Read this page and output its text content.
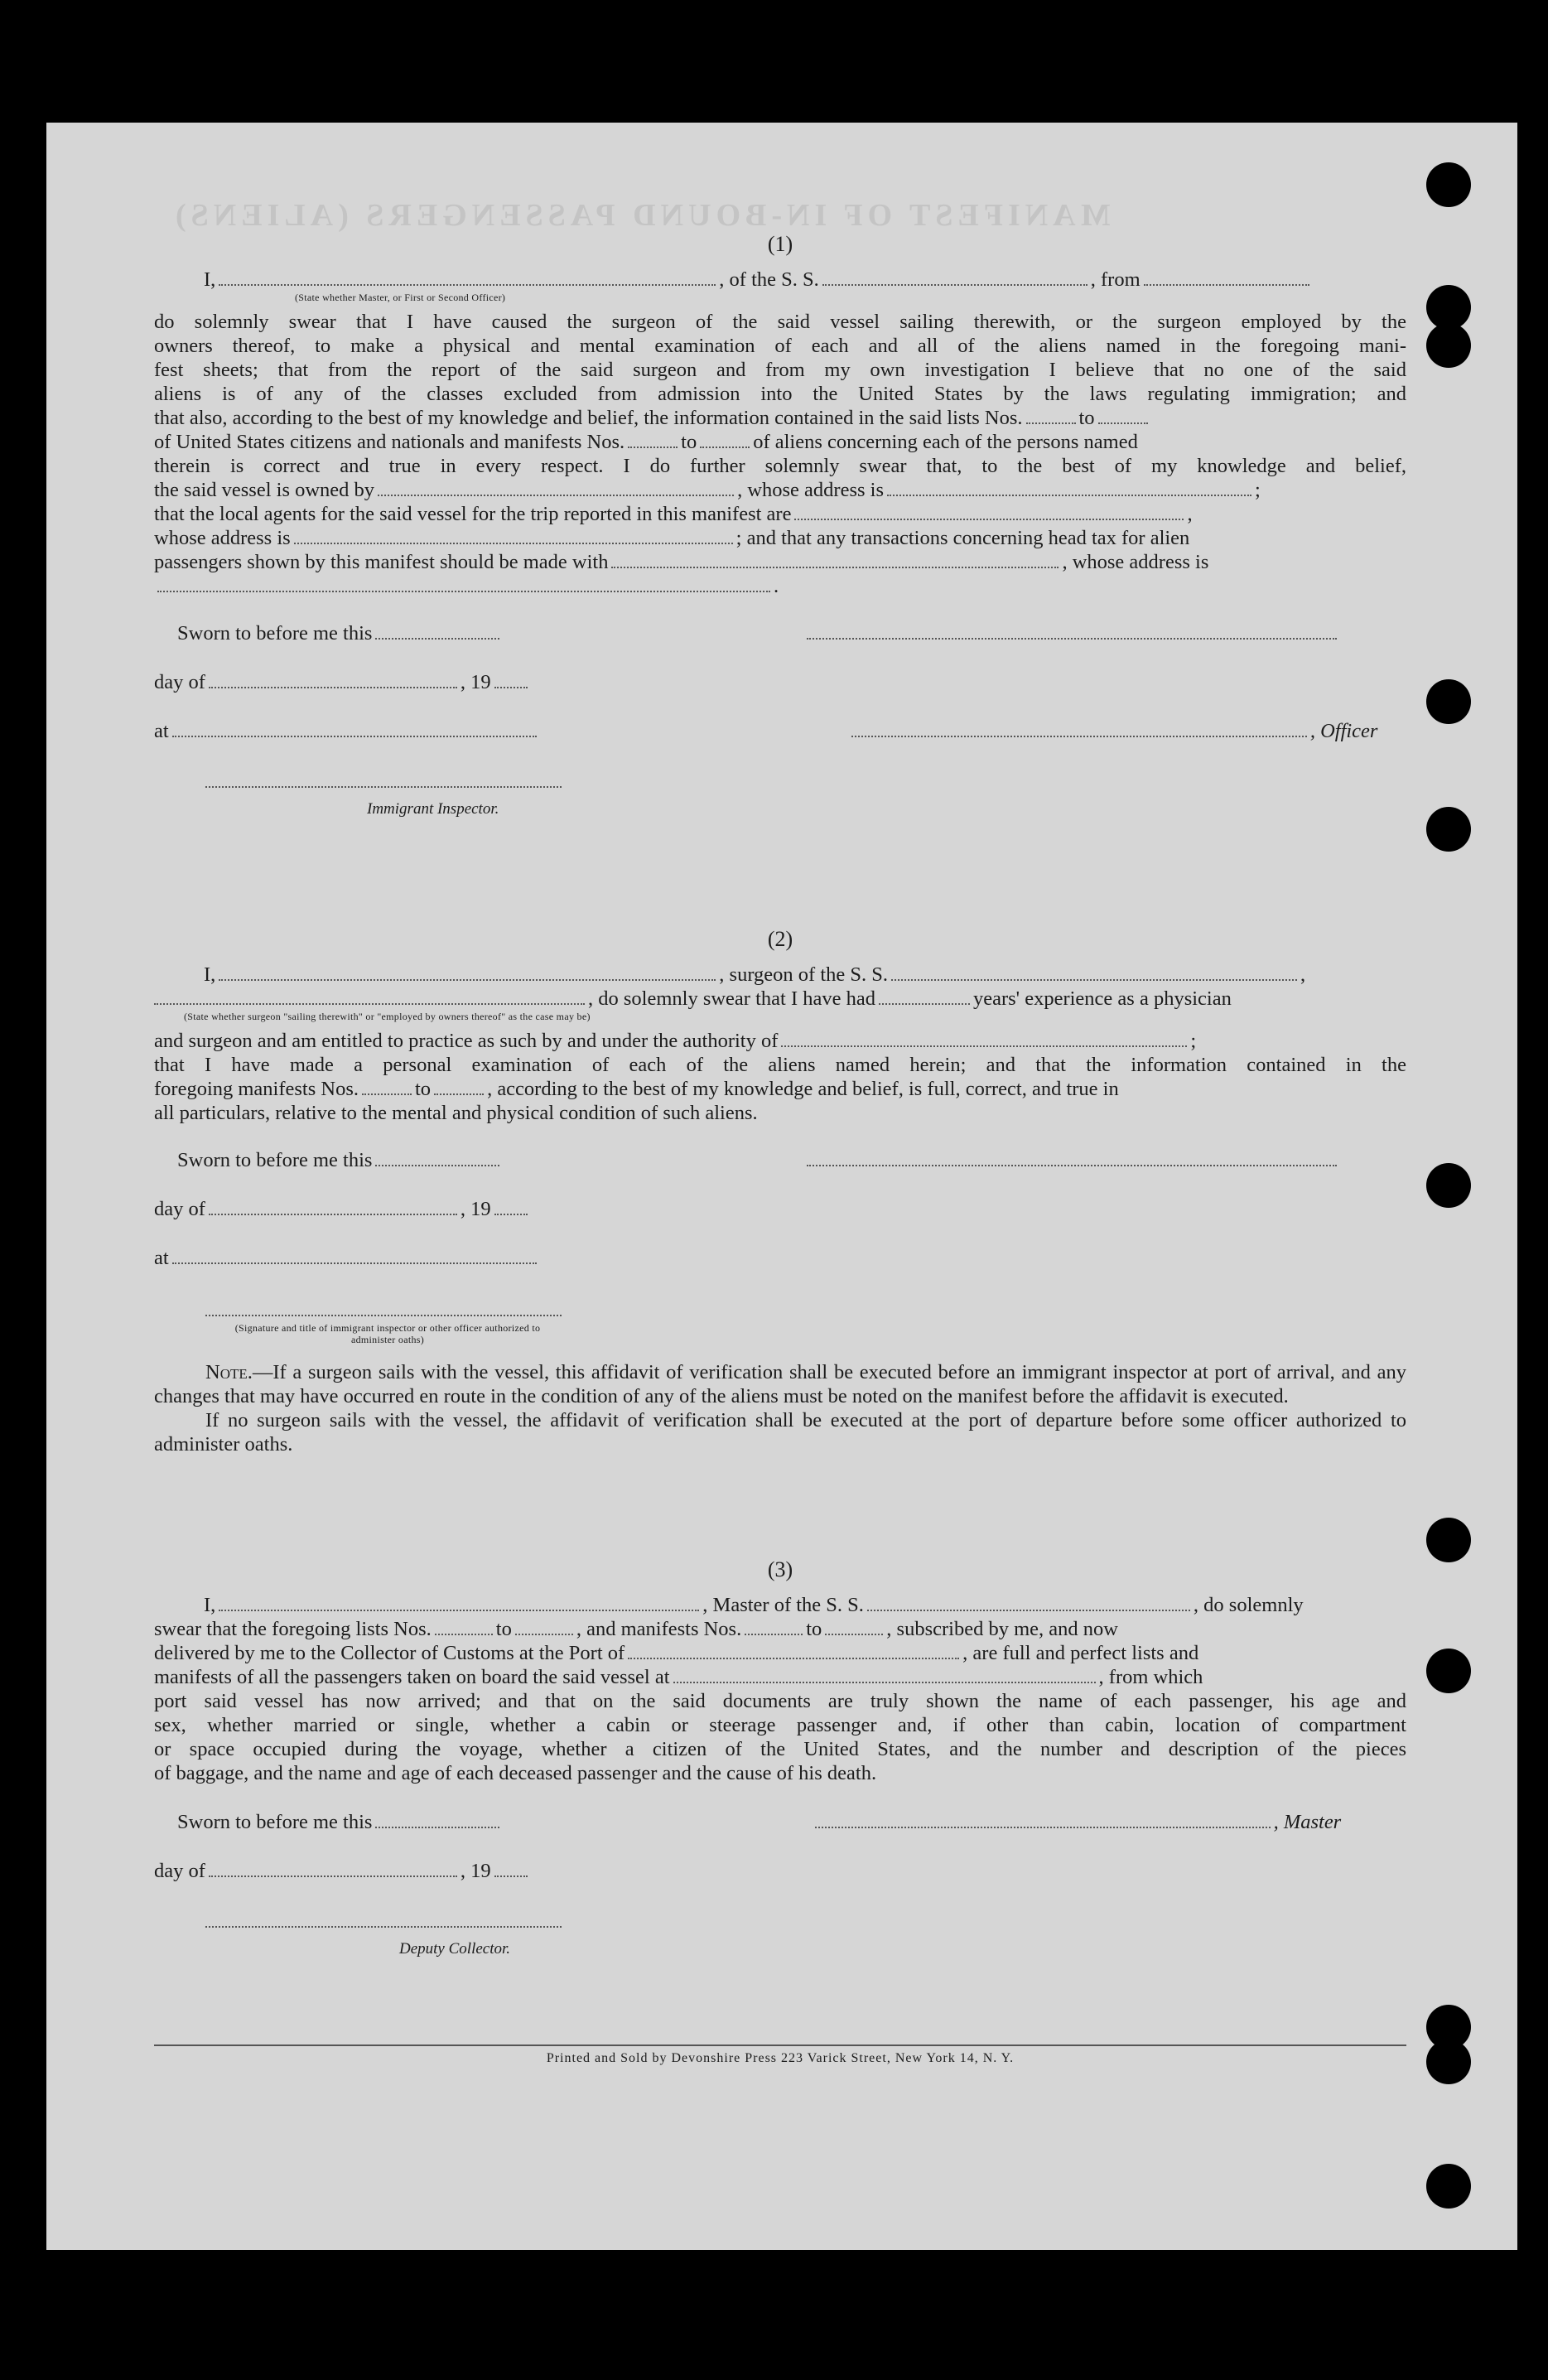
MANIFEST OF IN-BOUND PASSENGERS (ALIENS)
(1)
I,	, of the S. S.	, from
(State whether Master, or First or Second Officer)

do solemnly swear that I have caused the surgeon of the said vessel sailing therewith, or the surgeon employed by the

owners thereof, to make a physical and mental examination of each and all of the aliens named in the foregoing mani-

fest sheets; that from the report of the said surgeon and from my own investigation I believe that no one of the said

aliens is of any of the classes excluded from admission into the United States by the laws regulating immigration; and

that also, according to the best of my knowledge and belief, the information contained in the said lists Nos.	to
of United States citizens and nationals and manifests Nos.	to	of aliens concerning each of the persons named

therein is correct and true in every respect. I do further solemnly swear that, to the best of my knowledge and belief,

the said vessel is owned by	, whose address is	;
that the local agents for the said vessel for the trip reported in this manifest are	,
whose address is	; and that any transactions concerning head tax for alien
passengers shown by this manifest should be made with	, whose address is
.
Sworn to before me this
day of	, 19
at	, Officer
Immigrant Inspector.
(2)
I,	, surgeon of the S. S.	,
, do solemnly swear that I have had	years' experience as a physician
(State whether surgeon "sailing therewith" or "employed by owners thereof" as the case may be)
and surgeon and am entitled to practice as such by and under the authority of	;

that I have made a personal examination of each of the aliens named herein; and that the information contained in the

foregoing manifests Nos.	to	, according to the best of my knowledge and belief, is full, correct, and true in
all particulars, relative to the mental and physical condition of such aliens.
Sworn to before me this
day of	, 19
at
(Signature and title of immigrant inspector or other officer authorized to administer oaths)

Note.—If a surgeon sails with the vessel, this affidavit of verification shall be executed before an immigrant inspector at port of arrival, and any changes that may have occurred en route in the condition of any of the aliens must be noted on the manifest before the affidavit is executed.

If no surgeon sails with the vessel, the affidavit of verification shall be executed at the port of departure before some officer authorized to administer oaths.

(3)
I,	, Master of the S. S.	, do solemnly
swear that the foregoing lists Nos.	to	, and manifests Nos.	to	, subscribed by me, and now
delivered by me to the Collector of Customs at the Port of	, are full and perfect lists and
manifests of all the passengers taken on board the said vessel at	, from which

port said vessel has now arrived; and that on the said documents are truly shown the name of each passenger, his age and

sex, whether married or single, whether a cabin or steerage passenger and, if other than cabin, location of compartment

or space occupied during the voyage, whether a citizen of the United States, and the number and description of the pieces

of baggage, and the name and age of each deceased passenger and the cause of his death.
Sworn to before me this	, Master
day of	, 19
Deputy Collector.
Printed and Sold by Devonshire Press 223 Varick Street, New York 14, N. Y.
